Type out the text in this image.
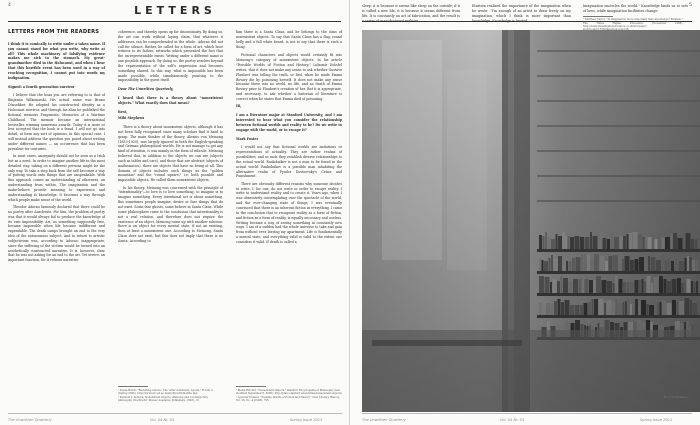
4	LETTERS
LETTERS FROM THE READERS

I think it is comically to write under a taken name. If you cannot stand for what you write, why write at all? This whole machinery of falsifying evidence makes me sick to the stomach. My great-grandmother died in the Holocaust, and when I hear that this horrible event has been used in a way of reaching recognition, I cannot put into words my indignation.

Signed: a fourth generation survivor

I believe that the hoax you are referring to is that of Binjamin Wilkomirski. His actual name was Bruno Dössekker. He adopted his constructed identity as a Holocaust survivor, and through his alias he published the fictional memoirs Fragments: Memories of a Wartime Childhood. The memoir became an international bestseller, winning numerous awards. Today it is more or less accepted that the book is a fraud. I will not go into detail, at form any sort of opinions, in this special case. I will instead address the question you posed about writing under different names — an occurrence that has been prevalent for centuries.

In most cases, anonymity should not be seen as a trick but as a need. In order to imagine another life in the most detailed way, taking on a different persona might be the only way. To take a step back from the self becomes a way of putting words onto things that are unspeakable. With this approach comes an understanding of otherness, an understanding from within. The imagination and the make-believe provide meaning to experience and understanding to knowledge. It becomes a way through which people make sense of the world.

Theodor Adorno famously declared that there could be no poetry after Auschwitz. For him, the problem of poetry was that it would always fail to produce the knowledge of its own impossibility. Art, as something supposedly free, became impossible when life became indifferent and expendable. The death camps brought an end to the very idea of the autonomous subject. And to return to artistic subjectivism was, according to Adorno, inappropriate, since the suffering of the victims would be turned into an aesthetically constructed narrative. It is, however, clear that he was not asking for an end to the art. Yet severe: an important function, for it refuses narrative

coherence, and thereby opens up for discontinuity. By doing so, the art can work without laying claim, that whatever it addresses can be comprehended in the whole. Adorno did not call for silence. Rather, he called for a form of art, which bore witness to its failure, artworks which presented the fact that the un-representable exists. Writing under a different name is one possible approach. By doing so, the poetry reaches beyond the representation of the self's expression and becomes something shared. In this way, what is impossible has been made possible, while simultaneously pointing to the impossibility in the quest itself.

Dear The Unwritten Quarterly,

I heard that there is a theory about "nonexistent objects." What exactly does that mean?

Best,

Miki Stephens

There is a theory about nonexistent objects, although it has not been fully recognized since many scholars find it hard to grasp. The main thinker of the theory, Alexius von Meinong (1853-1920), was largely ignored in both the English-speaking and German philosophical worlds. He is not manage to get any kind of attention, it was mainly in the form of ridicule. Meinong believed that, in addition to the objects we can see (objects such as tables and cars), and those that are abstract (objects of mathematics), there are objects that have no being at all. This domain of objects includes such things as the "golden mountain" and the "round square," i.e. both possible and impossible objects. He called them nonexistent objects.

In his theory, Meinong was concerned with the principle of "intentionality"—to love is to love something, to imagine is to imagine something. Every intentional act is about something. But sometimes people imagine, desire or fear things that do not exist. Some fear ghosts, some believe in Santa Claus. While some philosophers came to the conclusion that intentionality is not a real relation, and therefore does not require the existence of an object, Meinong came up with another solution: there is an object for every mental state, if not an existing, then at least a nonexistent one. According to Meinong, Santa Claus does not exist, but this does not imply that there is no Santa. According to

him there is a Santa Claus, and he belongs to the class of nonexistent objects. To say that Santa Claus has a flag, round belly and a full white beard, is not to say that there is such a thing.

Fictional characters and objects would certainly fit into Meinong's category of nonexistent objects. In his article "Possible Worlds of Fiction and History," Lubomír Doležel writes, that it does not make any sense to ask whether Gustave Flaubert was telling the truth, or lied, when he made Emma Bovary die by poisoning herself. It does not make any sense because there was no world, no life, and no death of Emma Bovary prior to Flaubert's creation of her. But it is appropriate, and necessary, to ask whether a historian of literature is correct when he states that Emma died of poisoning.

Hi,

I am a literature major at Stanford University, and I am interested to hear what you consider the relationship between fictional worlds and reality to be? Do we write to engage with the world, or to escape it?

Mark Foster

I would not say that fictional worlds are imitations or representations of actuality. They are rather realms of possibilities, and as such they establish diverse relationships to the actual world. Raskolnikov is not a man to be found in the actual world. Raskolnikov is a possible man inhabiting the alternative realm of Fyodor Dostoevsky's Crime and Punishment.

There are obviously different reasons why someone decides to write. I, for one, do not write in order to escape reality. I write to understand reality and to create it. Years ago, when I was obsessively contemplating over the spectacle of the world, and the ever-changing state of things, I was eventually convinced that there is an inherent fiction in everything. I came to the conclusion that to recognize reality as a form of fiction, and fiction as a form of reality, is equally necessary and useless. Writing became a way of seeing something in constantly new ways. I am of a sudden had the whole universe to take and gain from without ever leaving my apartment. Life is fundamentally a mental state, and everything valid is valid to the extent one considers it valid. If death is called a

¹ Dossa Hatch, "Revisiting Adorno: The 'After Auschwitz' Aporia," Forum 2, (Spring 2006), http://forum.llc.ed.ac.uk/archive/02/matthe.php

² Kenneth J. Perszyk, Nonexistent Objects: Meinong and Contemporary philosophy, (Dordrecht: Kluwer Academic Publishers, 1993), 12.

³ Maria Reicher, "Nonexistent Objects," Stanford Encyclopedia of Philosophy (last modified September 8, 2006). http://plato.stanford.edu/entries/nonexistent-objects/

⁴ Lubomír Doležel, "Possible Worlds of Fiction and History," New Literary History, Vol. 29, No. 4 (1998), 795.

The Unwritten Quarterly	Vol. 05 Nr. 03	Spring Issue 2011
5

sleep, it is because it seems like sleep on the outside; if it is called a new life, it is because it seems different from life. It is constantly an act of fabrication, and the result is a series of manufactured realities.

Einstein realized the importance of the imagination when he wrote: "I'm enough of an artist to draw freely on my imagination, which I think is more important than knowledge. Knowledge is limited.

Imagination encircles the world." Knowledge binds us to sets of laws, while imagination facilitates change.

⁵ Matthew Taylor, "Is imagination more important than knowledge? Einstein," The Times Higher Education, (November 1998), http://www.timeshighereducation.co.uk/story.asp?

The Unwritten Quarterly	Vol. 05 Nr. 03	Spring Issue 2011
Bruno Hi Anderson
